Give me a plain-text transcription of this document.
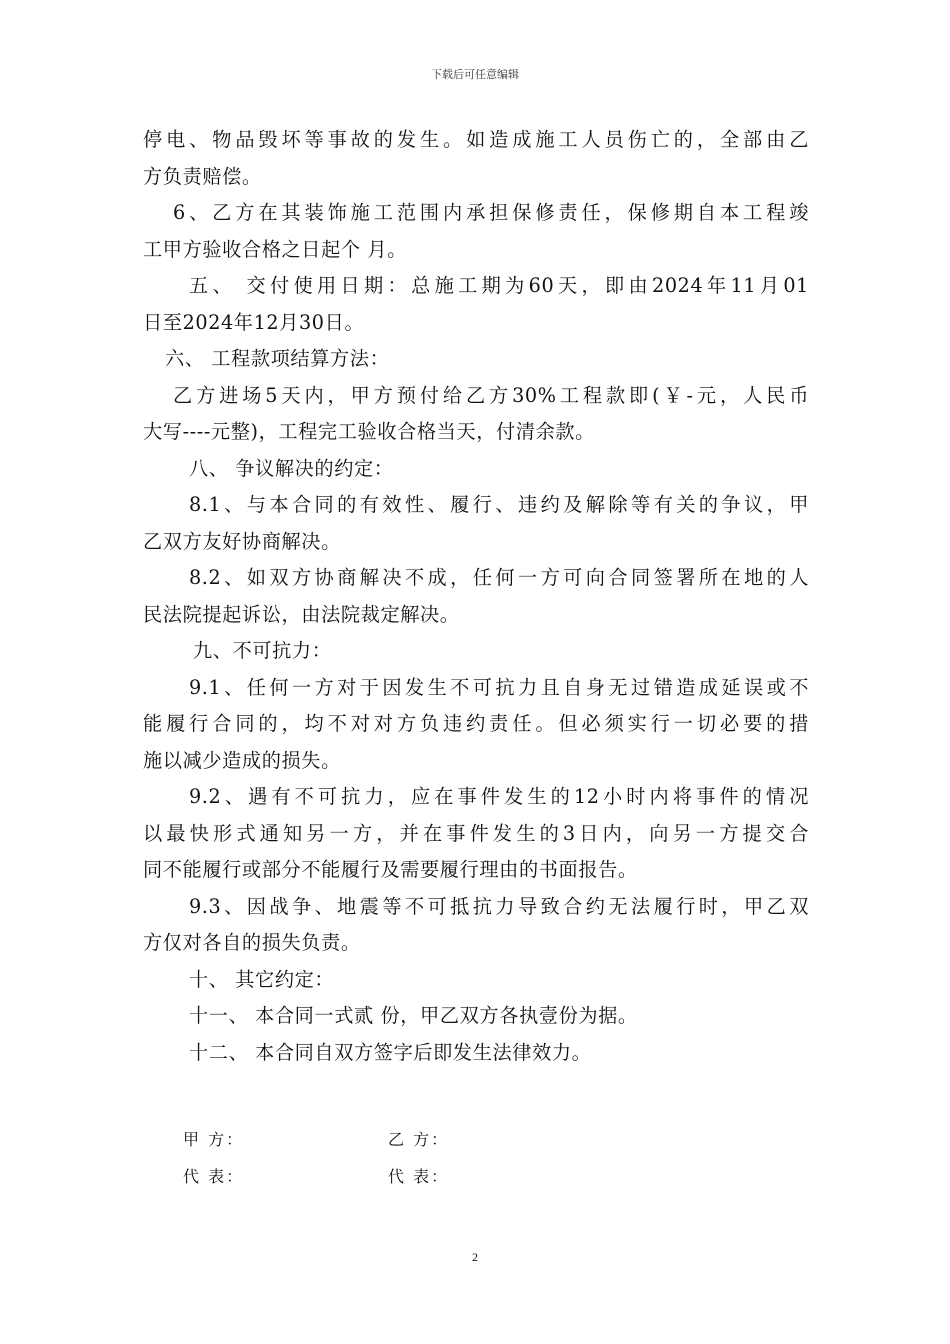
下载后可任意编辑
停电、物品毁坏等事故的发生。如造成施工人员伤亡的，全部由乙
方负责赔偿。
6、乙方在其装饰施工范围内承担保修责任，保修期自本工程竣
工甲方验收合格之日起个 月。
五、 交付使用日期：总施工期为60天，即由2024年11月01
日至2024年12月30日。
六、 工程款项结算方法：
乙方进场5天内，甲方预付给乙方30%工程款即(￥-元，人民币
大写----元整)，工程完工验收合格当天，付清余款。
八、 争议解决的约定：
8.1、与本合同的有效性、履行、违约及解除等有关的争议，甲
乙双方友好协商解决。
8.2、如双方协商解决不成，任何一方可向合同签署所在地的人
民法院提起诉讼，由法院裁定解决。
九、不可抗力：
9.1、任何一方对于因发生不可抗力且自身无过错造成延误或不
能履行合同的，均不对对方负违约责任。但必须实行一切必要的措
施以减少造成的损失。
9.2、遇有不可抗力，应在事件发生的12小时内将事件的情况
以最快形式通知另一方，并在事件发生的3日内，向另一方提交合
同不能履行或部分不能履行及需要履行理由的书面报告。
9.3、因战争、地震等不可抵抗力导致合约无法履行时，甲乙双
方仅对各自的损失负责。
十、 其它约定：
十一、 本合同一式贰 份，甲乙双方各执壹份为据。
十二、 本合同自双方签字后即发生法律效力。
甲 方：	乙 方：
代 表：	代 表：
2
